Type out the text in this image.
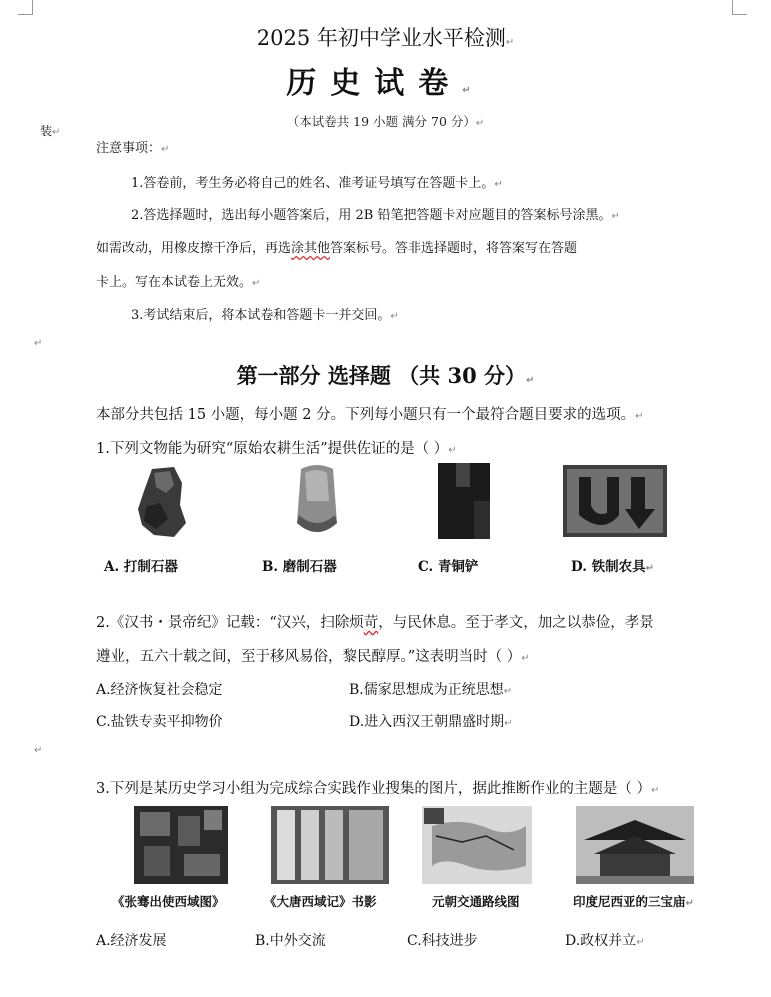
2025 年初中学业水平检测↵
历史试卷↵
（本试卷共 19 小题 满分 70 分）↵
装↵
注意事项：↵
1.答卷前，考生务必将自己的姓名、准考证号填写在答题卡上。↵
2.答选择题时，选出每小题答案后，用 2B 铅笔把答题卡对应题目的答案标号涂黑。↵
如需改动，用橡皮擦干净后，再选涂其他答案标号。答非选择题时，将答案写在答题
卡上。写在本试卷上无效。↵
3.考试结束后，将本试卷和答题卡一并交回。↵
↵
第一部分 选择题 （共 30 分）↵
本部分共包括 15 小题，每小题 2 分。下列每小题只有一个最符合题目要求的选项。↵
1.下列文物能为研究“原始农耕生活”提供佐证的是（ ）↵
A. 打制石器	B. 磨制石器	C. 青铜铲	D. 铁制农具↵
2.《汉书・景帝纪》记载：“汉兴，扫除烦苛，与民休息。至于孝文，加之以恭俭，孝景
遵业，五六十载之间，至于移风易俗，黎民醇厚。”这表明当时（ ）↵
A.经济恢复社会稳定	B.儒家思想成为正统思想↵
C.盐铁专卖平抑物价	D.进入西汉王朝鼎盛时期↵
↵
3.下列是某历史学习小组为完成综合实践作业搜集的图片，据此推断作业的主题是（ ）↵
《张骞出使西域图》	《大唐西域记》书影	元朝交通路线图	印度尼西亚的三宝庙↵
A.经济发展	B.中外交流	C.科技进步	D.政权并立↵
